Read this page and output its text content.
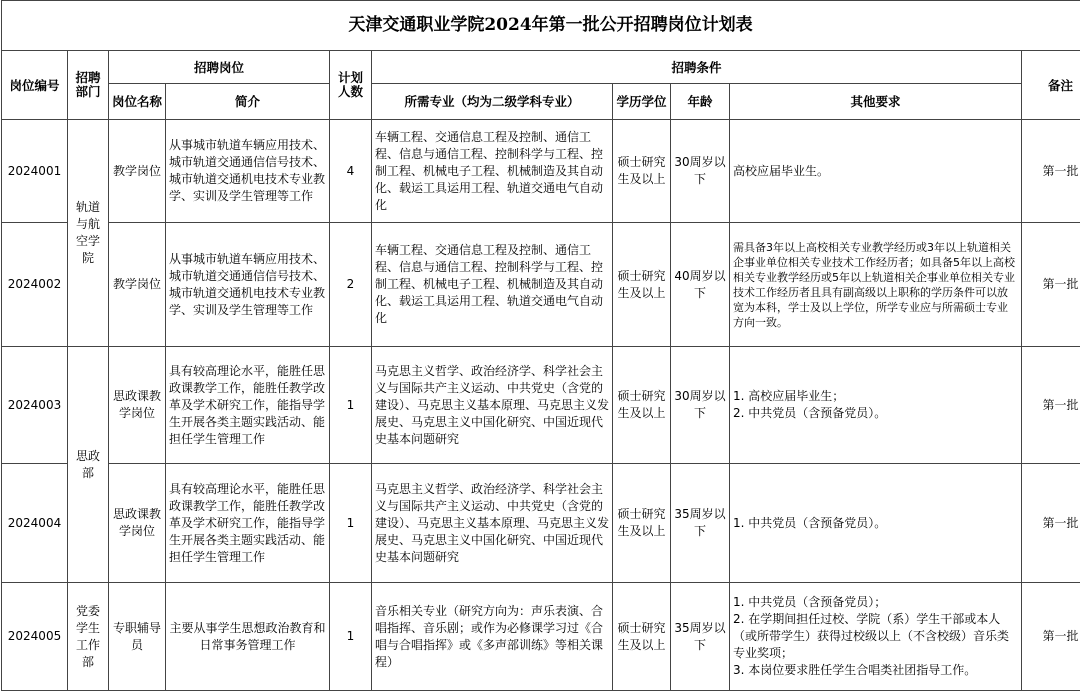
天津交通职业学院2024年第一批公开招聘岗位计划表									
岗位编号	招聘部门	招聘岗位		计划人数	招聘条件				备注
		岗位名称	简介		所需专业（均为二级学科专业）	学历学位	年龄	其他要求	
2024001	轨道与航空学院	教学岗位	从事城市轨道车辆应用技术、城市轨道交通通信信号技术、城市轨道交通机电技术专业教学、实训及学生管理等工作	4	车辆工程、交通信息工程及控制、通信工程、信息与通信工程、控制科学与工程、控制工程、机械电子工程、机械制造及其自动化、载运工具运用工程、轨道交通电气自动化	硕士研究生及以上	30周岁以下	高校应届毕业生。	第一批
2024002		教学岗位	从事城市轨道车辆应用技术、城市轨道交通通信信号技术、城市轨道交通机电技术专业教学、实训及学生管理等工作	2	车辆工程、交通信息工程及控制、通信工程、信息与通信工程、控制科学与工程、控制工程、机械电子工程、机械制造及其自动化、载运工具运用工程、轨道交通电气自动化	硕士研究生及以上	40周岁以下	需具备3年以上高校相关专业教学经历或3年以上轨道相关企事业单位相关专业技术工作经历者；如具备5年以上高校相关专业教学经历或5年以上轨道相关企事业单位相关专业技术工作经历者且具有副高级以上职称的学历条件可以放宽为本科，学士及以上学位，所学专业应与所需硕士专业方向一致。	第一批
2024003	思政部	思政课教学岗位	具有较高理论水平，能胜任思政课教学工作，能胜任教学改革及学术研究工作，能指导学生开展各类主题实践活动、能担任学生管理工作	1	马克思主义哲学、政治经济学、科学社会主义与国际共产主义运动、中共党史（含党的建设）、马克思主义基本原理、马克思主义发展史、马克思主义中国化研究、中国近现代史基本问题研究	硕士研究生及以上	30周岁以下	1. 高校应届毕业生；
2. 中共党员（含预备党员）。	第一批
2024004		思政课教学岗位	具有较高理论水平，能胜任思政课教学工作，能胜任教学改革及学术研究工作，能指导学生开展各类主题实践活动、能担任学生管理工作	1	马克思主义哲学、政治经济学、科学社会主义与国际共产主义运动、中共党史（含党的建设）、马克思主义基本原理、马克思主义发展史、马克思主义中国化研究、中国近现代史基本问题研究	硕士研究生及以上	35周岁以下	1. 中共党员（含预备党员）。	第一批
2024005	党委学生工作部	专职辅导员	主要从事学生思想政治教育和日常事务管理工作	1	音乐相关专业（研究方向为：声乐表演、合唱指挥、音乐剧；或作为必修课学习过《合唱与合唱指挥》或《多声部训练》等相关课程）	硕士研究生及以上	35周岁以下	1. 中共党员（含预备党员）；
2. 在学期间担任过校、学院（系）学生干部或本人（或所带学生）获得过校级以上（不含校级）音乐类专业奖项；
3. 本岗位要求胜任学生合唱类社团指导工作。	第一批
